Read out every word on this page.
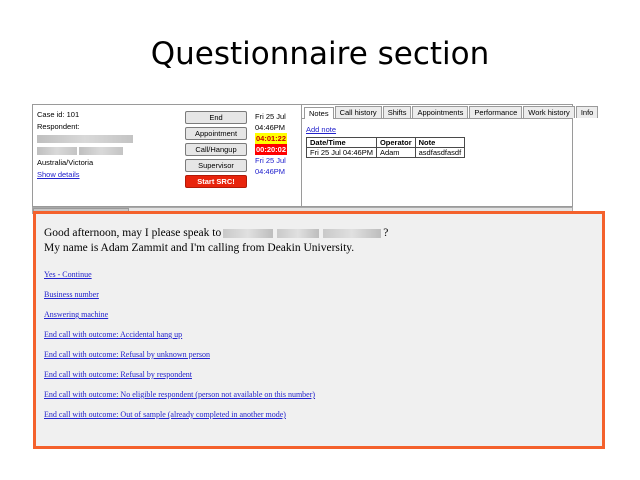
Questionnaire section
Case id: 101
Respondent:

Australia/Victoria
Show details
End
Appointment
Call/Hangup
Supervisor
Start SRC!
Fri 25 Jul
04:46PM
04:01:22
00:20:02
Fri 25 Jul
04:46PM
Notes	Call history	Shifts	Appointments	Performance	Work history	Info
Add note
Date/Time	Operator	Note
Fri 25 Jul 04:46PM	Adam	asdfasdfasdf
Good afternoon, may I please speak to	?
My name is Adam Zammit and I'm calling from Deakin University.
Yes - Continue
Business number
Answering machine
End call with outcome: Accidental hang up
End call with outcome: Refusal by unknown person
End call with outcome: Refusal by respondent
End call with outcome: No eligible respondent (person not available on this number)
End call with outcome: Out of sample (already completed in another mode)
